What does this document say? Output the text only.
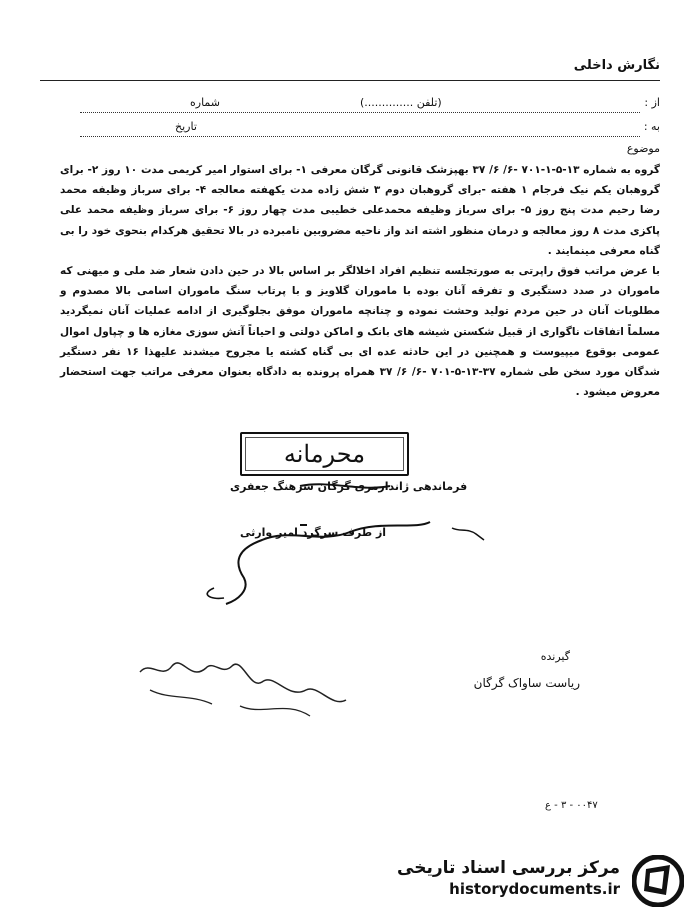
نگارش داخلی
از :
(تلفن ..............)
شماره
به :
تاریخ
موضوع

گروه به شماره ۱۳-۵-۱-۷۰۱ -۶/ ۶/ ۳۷ بهپزشک قانونی گرگان معرفی ۱- برای استوار امیر کریمی مدت ۱۰ روز ۲- برای گروهبان یکم نیک فرجام ۱ هفته -برای گروهبان دوم ۳ شش زاده مدت یکهفته معالجه ۴- برای سرباز وظیفه محمد رضا رحیم مدت پنج روز ۵- برای سرباز وظیفه محمدعلی خطیبی مدت چهار روز ۶- برای سرباز وظیفه محمد علی پاکزی مدت ۸ روز معالجه و درمان منظور اشته اند واز ناحیه مضروبین نامبرده در بالا تحقیق هرکدام بنحوی خود را بی گناه معرفی مینمایند .

با عرض مراتب فوق راپرتی به صورتجلسه تنظیم افراد اخلالگر بر اساس بالا در حین دادن شعار ضد ملی و میهنی که ماموران در صدد دستگیری و تفرقه آنان بوده با ماموران گلاویز و با پرتاب سنگ ماموران اسامی بالا مصدوم و مطلوبات آنان در حین مردم تولید وحشت نموده و چنانچه ماموران موفق بجلوگیری از ادامه عملیات آنان نمیگردید مسلماً اتفاقات ناگواری از قبیل شکستن شیشه های بانک و اماکن دولتی و احیاناً آتش سوزی مغازه ها و چپاول اموال عمومی بوقوع میپیوست و همچنین در این حادثه عده ای بی گناه کشته یا مجروح میشدند علیهذا ۱۶ نفر دستگیر شدگان مورد سخن طی شماره ۳۷-۱۳-۵-۷۰۱ -۶/ ۶/ ۳۷ همراه پرونده به دادگاه بعنوان معرفی مراتب جهت استحضار معروض میشود .

محرمانه
فرماندهی ژاندارمری گرگان سرهنگ جعفری
از طرف سرگرد امیر وارثی
گیرنده
ریاست ساواک گرگان
۰۰۴۷ - ۳ - ع
مرکز بررسی اسناد تاریخی
historydocuments.ir
